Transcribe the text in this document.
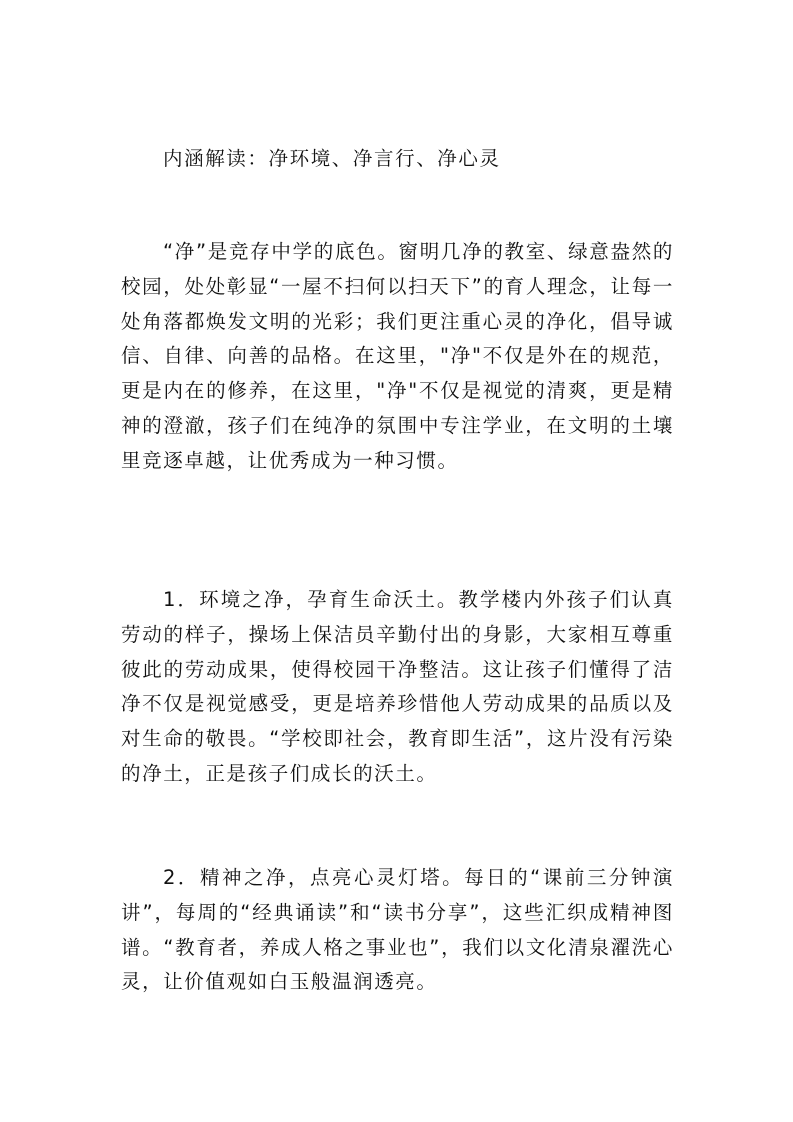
内涵解读：净环境、净言行、净心灵

“净”是竞存中学的底色。窗明几净的教室、绿意盎然的校园，处处彰显“一屋不扫何以扫天下”的育人理念，让每一处角落都焕发文明的光彩；我们更注重心灵的净化，倡导诚信、自律、向善的品格。在这里，"净"不仅是外在的规范，更是内在的修养，在这里，"净"不仅是视觉的清爽，更是精神的澄澈，孩子们在纯净的氛围中专注学业，在文明的土壤里竞逐卓越，让优秀成为一种习惯。

1．环境之净，孕育生命沃土。教学楼内外孩子们认真劳动的样子，操场上保洁员辛勤付出的身影，大家相互尊重彼此的劳动成果，使得校园干净整洁。这让孩子们懂得了洁净不仅是视觉感受，更是培养珍惜他人劳动成果的品质以及对生命的敬畏。“学校即社会，教育即生活”，这片没有污染的净土，正是孩子们成长的沃土。

2．精神之净，点亮心灵灯塔。每日的“课前三分钟演讲”，每周的“经典诵读”和“读书分享”，这些汇织成精神图谱。“教育者，养成人格之事业也”，我们以文化清泉濯洗心灵，让价值观如白玉般温润透亮。
